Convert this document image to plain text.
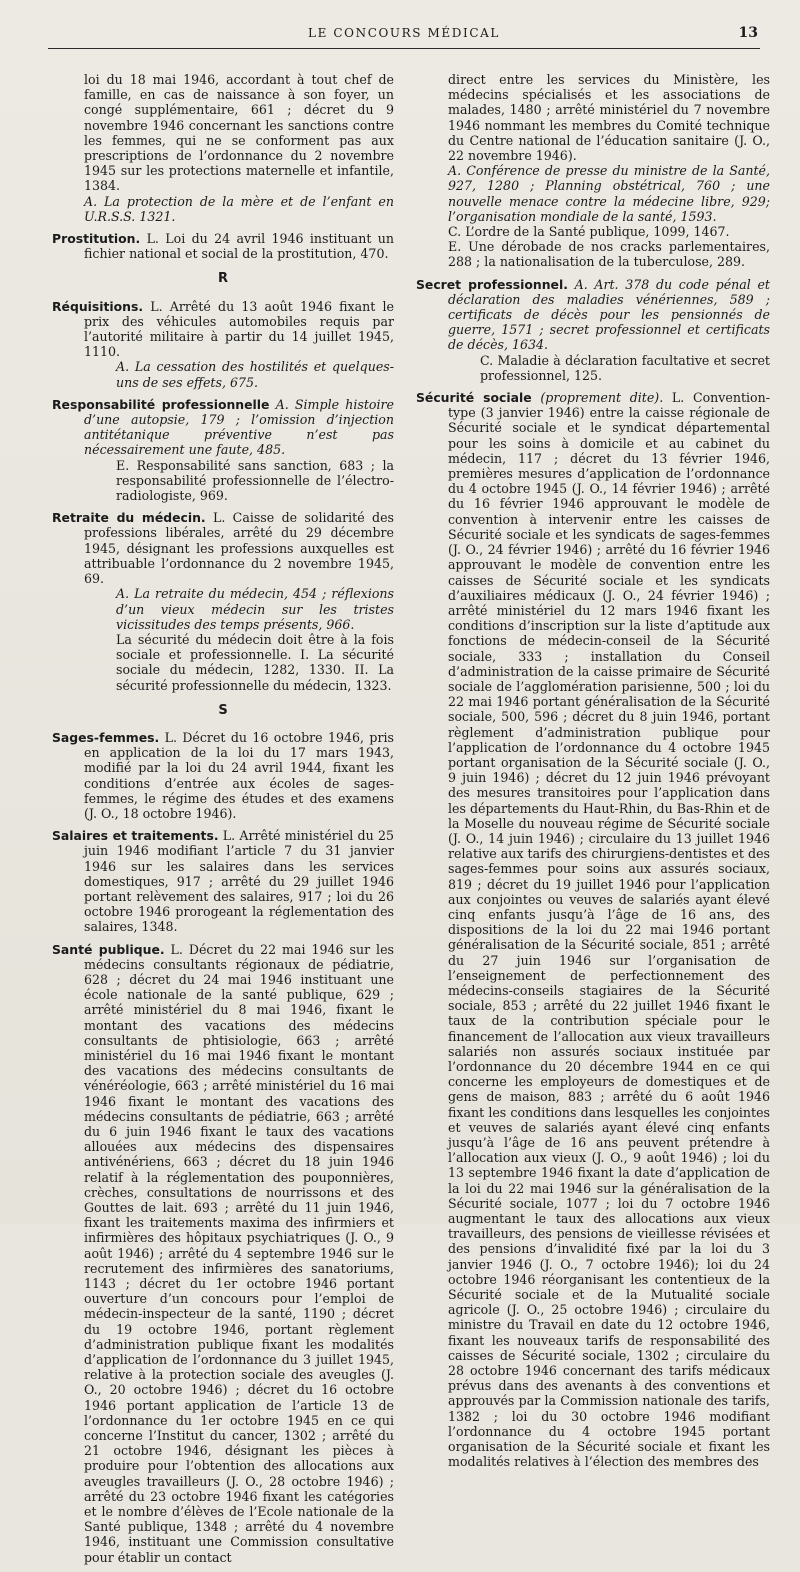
LE CONCOURS MÉDICAL	13

loi du 18 mai 1946, accordant à tout chef de famille, en cas de naissance à son foyer, un congé supplémentaire, 661 ; décret du 9 novembre 1946 concernant les sanctions contre les femmes, qui ne se conforment pas aux prescriptions de l’ordonnance du 2 novembre 1945 sur les protections maternelle et infantile, 1384.
A. La protection de la mère et de l’enfant en U.R.S.S. 1321.

Prostitution. L. Loi du 24 avril 1946 instituant un fichier national et social de la prostitution, 470.

R

Réquisitions. L. Arrêté du 13 août 1946 fixant le prix des véhicules automobiles requis par l’autorité militaire à partir du 14 juillet 1945, 1110.
A. La cessation des hostilités et quelques-uns de ses effets, 675.

Responsabilité professionnelle A. Simple histoire d’une autopsie, 179 ; l’omission d’injection antitétanique préventive n’est pas nécessairement une faute, 485.
E. Responsabilité sans sanction, 683 ; la responsabilité professionnelle de l’électro-radiologiste, 969.

Retraite du médecin. L. Caisse de solidarité des professions libérales, arrêté du 29 décembre 1945, désignant les professions auxquelles est attribuable l’ordonnance du 2 novembre 1945, 69.
A. La retraite du médecin, 454 ; réflexions d’un vieux médecin sur les tristes vicissitudes des temps présents, 966.
La sécurité du médecin doit être à la fois sociale et professionnelle. I. La sécurité sociale du médecin, 1282, 1330. II. La sécurité professionnelle du médecin, 1323.

S

Sages-femmes. L. Décret du 16 octobre 1946, pris en application de la loi du 17 mars 1943, modifié par la loi du 24 avril 1944, fixant les conditions d’entrée aux écoles de sages-femmes, le régime des études et des examens (J. O., 18 octobre 1946).

Salaires et traitements. L. Arrêté ministériel du 25 juin 1946 modifiant l’article 7 du 31 janvier 1946 sur les salaires dans les services domestiques, 917 ; arrêté du 29 juillet 1946 portant relèvement des salaires, 917 ; loi du 26 octobre 1946 prorogeant la réglementation des salaires, 1348.

Santé publique. L. Décret du 22 mai 1946 sur les médecins consultants régionaux de pédiatrie, 628 ; décret du 24 mai 1946 instituant une école nationale de la santé publique, 629 ; arrêté ministériel du 8 mai 1946, fixant le montant des vacations des médecins consultants de phtisiologie, 663 ; arrêté ministériel du 16 mai 1946 fixant le montant des vacations des médecins consultants de vénéréologie, 663 ; arrêté ministériel du 16 mai 1946 fixant le montant des vacations des médecins consultants de pédiatrie, 663 ; arrêté du 6 juin 1946 fixant le taux des vacations allouées aux médecins des dispensaires antivénériens, 663 ; décret du 18 juin 1946 relatif à la réglementation des pouponnières, crèches, consultations de nourrissons et des Gouttes de lait. 693 ; arrêté du 11 juin 1946, fixant les traitements maxima des infirmiers et infirmières des hôpitaux psychiatriques (J. O., 9 août 1946) ; arrêté du 4 septembre 1946 sur le recrutement des infirmières des sanatoriums, 1143 ; décret du 1er octobre 1946 portant ouverture d’un concours pour l’emploi de médecin-inspecteur de la santé, 1190 ; décret du 19 octobre 1946, portant règlement d’administration publique fixant les modalités d’application de l’ordonnance du 3 juillet 1945, relative à la protection sociale des aveugles (J. O., 20 octobre 1946) ; décret du 16 octobre 1946 portant application de l’article 13 de l’ordonnance du 1er octobre 1945 en ce qui concerne l’Institut du cancer, 1302 ; arrêté du 21 octobre 1946, désignant les pièces à produire pour l’obtention des allocations aux aveugles travailleurs (J. O., 28 octobre 1946) ; arrêté du 23 octobre 1946 fixant les catégories et le nombre d’élèves de l’Ecole nationale de la Santé publique, 1348 ; arrêté du 4 novembre 1946, instituant une Commission consultative pour établir un contact

direct entre les services du Ministère, les médecins spécialisés et les associations de malades, 1480 ; arrêté ministériel du 7 novembre 1946 nommant les membres du Comité technique du Centre national de l’éducation sanitaire (J. O., 22 novembre 1946).
A. Conférence de presse du ministre de la Santé, 927, 1280 ; Planning obstétrical, 760 ; une nouvelle menace contre la médecine libre, 929; l’organisation mondiale de la santé, 1593.
C. L’ordre de la Santé publique, 1099, 1467.
E. Une dérobade de nos cracks parlementaires, 288 ; la nationalisation de la tuberculose, 289.

Secret professionnel. A. Art. 378 du code pénal et déclaration des maladies vénériennes, 589 ; certificats de décès pour les pensionnés de guerre, 1571 ; secret professionnel et certificats de décès, 1634.
C. Maladie à déclaration facultative et secret professionnel, 125.

Sécurité sociale (proprement dite). L. Convention-type (3 janvier 1946) entre la caisse régionale de Sécurité sociale et le syndicat départemental pour les soins à domicile et au cabinet du médecin, 117 ; décret du 13 février 1946, premières mesures d’application de l’ordonnance du 4 octobre 1945 (J. O., 14 février 1946) ; arrêté du 16 février 1946 approuvant le modèle de convention à intervenir entre les caisses de Sécurité sociale et les syndicats de sages-femmes (J. O., 24 février 1946) ; arrêté du 16 février 1946 approuvant le modèle de convention entre les caisses de Sécurité sociale et les syndicats d’auxiliaires médicaux (J. O., 24 février 1946) ; arrêté ministériel du 12 mars 1946 fixant les conditions d’inscription sur la liste d’aptitude aux fonctions de médecin-conseil de la Sécurité sociale, 333 ; installation du Conseil d’administration de la caisse primaire de Sécurité sociale de l’agglomération parisienne, 500 ; loi du 22 mai 1946 portant généralisation de la Sécurité sociale, 500, 596 ; décret du 8 juin 1946, portant règlement d’administration publique pour l’application de l’ordonnance du 4 octobre 1945 portant organisation de la Sécurité sociale (J. O., 9 juin 1946) ; décret du 12 juin 1946 prévoyant des mesures transitoires pour l’application dans les départements du Haut-Rhin, du Bas-Rhin et de la Moselle du nouveau régime de Sécurité sociale (J. O., 14 juin 1946) ; circulaire du 13 juillet 1946 relative aux tarifs des chirurgiens-dentistes et des sages-femmes pour soins aux assurés sociaux, 819 ; décret du 19 juillet 1946 pour l’application aux conjointes ou veuves de salariés ayant élevé cinq enfants jusqu’à l’âge de 16 ans, des dispositions de la loi du 22 mai 1946 portant généralisation de la Sécurité sociale, 851 ; arrêté du 27 juin 1946 sur l’organisation de l’enseignement de perfectionnement des médecins-conseils stagiaires de la Sécurité sociale, 853 ; arrêté du 22 juillet 1946 fixant le taux de la contribution spéciale pour le financement de l’allocation aux vieux travailleurs salariés non assurés sociaux instituée par l’ordonnance du 20 décembre 1944 en ce qui concerne les employeurs de domestiques et de gens de maison, 883 ; arrêté du 6 août 1946 fixant les conditions dans lesquelles les conjointes et veuves de salariés ayant élevé cinq enfants jusqu’à l’âge de 16 ans peuvent prétendre à l’allocation aux vieux (J. O., 9 août 1946) ; loi du 13 septembre 1946 fixant la date d’application de la loi du 22 mai 1946 sur la généralisation de la Sécurité sociale, 1077 ; loi du 7 octobre 1946 augmentant le taux des allocations aux vieux travailleurs, des pensions de vieillesse révisées et des pensions d’invalidité fixé par la loi du 3 janvier 1946 (J. O., 7 octobre 1946); loi du 24 octobre 1946 réorganisant les contentieux de la Sécurité sociale et de la Mutualité sociale agricole (J. O., 25 octobre 1946) ; circulaire du ministre du Travail en date du 12 octobre 1946, fixant les nouveaux tarifs de responsabilité des caisses de Sécurité sociale, 1302 ; circulaire du 28 octobre 1946 concernant des tarifs médicaux prévus dans des avenants à des conventions et approuvés par la Commission nationale des tarifs, 1382 ; loi du 30 octobre 1946 modifiant l’ordonnance du 4 octobre 1945 portant organisation de la Sécurité sociale et fixant les modalités relatives à l’élection des membres des
